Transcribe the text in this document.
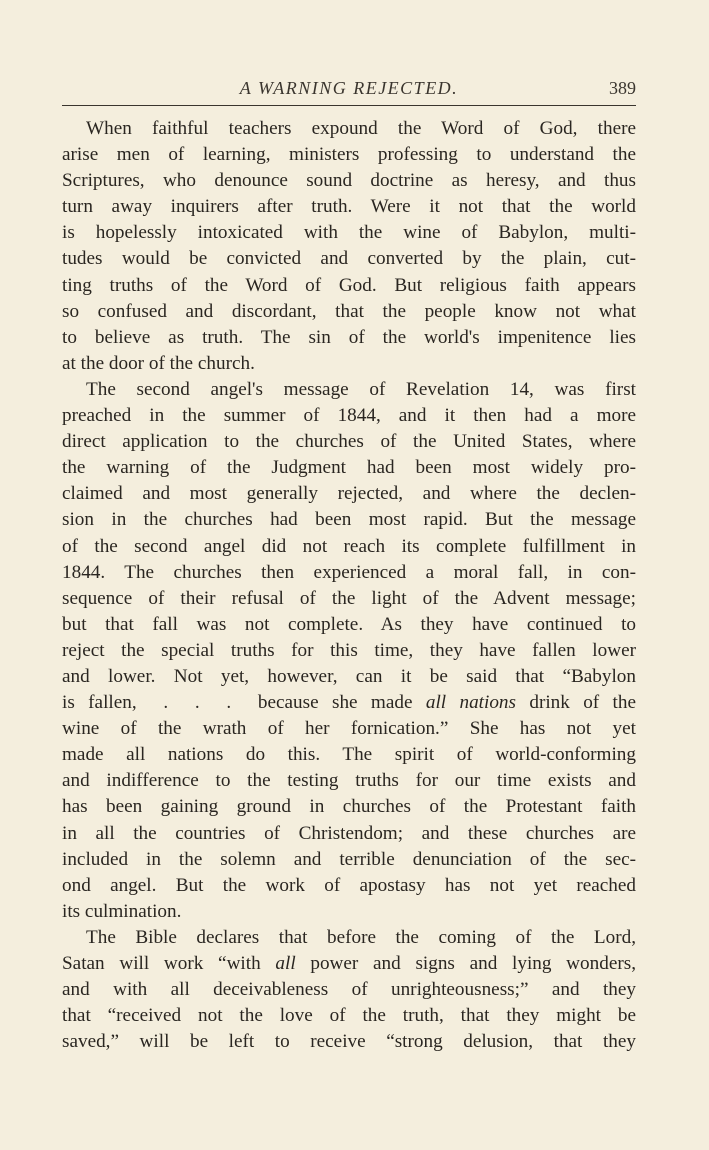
A WARNING REJECTED.	389
When faithful teachers expound the Word of God, there
arise men of learning, ministers professing to understand the
Scriptures, who denounce sound doctrine as heresy, and thus
turn away inquirers after truth. Were it not that the world
is hopelessly intoxicated with the wine of Babylon, multi-
tudes would be convicted and converted by the plain, cut-
ting truths of the Word of God. But religious faith appears
so confused and discordant, that the people know not what
to believe as truth. The sin of the world's impenitence lies
at the door of the church.
The second angel's message of Revelation 14, was first
preached in the summer of 1844, and it then had a more
direct application to the churches of the United States, where
the warning of the Judgment had been most widely pro-
claimed and most generally rejected, and where the declen-
sion in the churches had been most rapid. But the message
of the second angel did not reach its complete fulfillment in
1844. The churches then experienced a moral fall, in con-
sequence of their refusal of the light of the Advent message;
but that fall was not complete. As they have continued to
reject the special truths for this time, they have fallen lower
and lower. Not yet, however, can it be said that “Babylon
is fallen,  .  .  .  because she made all nations drink of the
wine of the wrath of her fornication.” She has not yet
made all nations do this. The spirit of world-conforming
and indifference to the testing truths for our time exists and
has been gaining ground in churches of the Protestant faith
in all the countries of Christendom; and these churches are
included in the solemn and terrible denunciation of the sec-
ond angel. But the work of apostasy has not yet reached
its culmination.
The Bible declares that before the coming of the Lord,
Satan will work “with all power and signs and lying wonders,
and with all deceivableness of unrighteousness;” and they
that “received not the love of the truth, that they might be
saved,” will be left to receive “strong delusion, that they
